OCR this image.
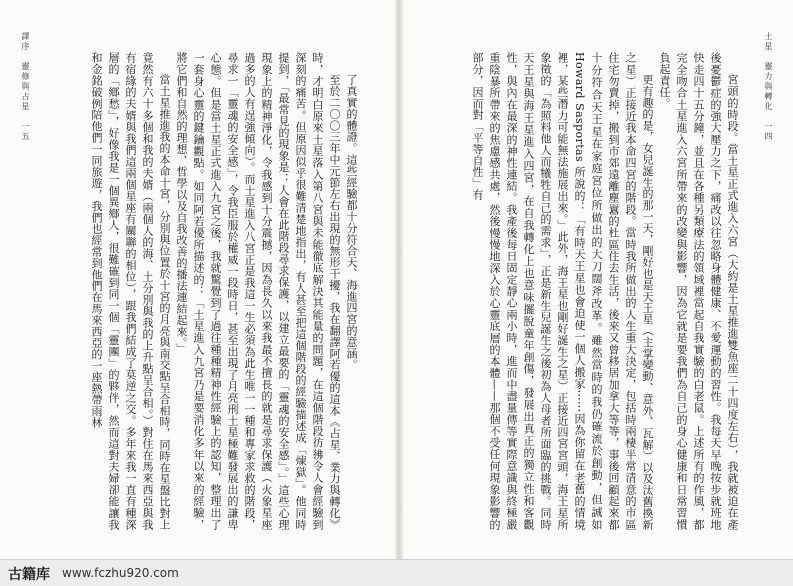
譯序　靈修與占星　一五	了真實的體證。這些經驗都十分符合天、海進四宮的意涵。

至於二〇〇三年中元節左右出現的無形干擾，我在翻譯阿若優的這本《占星、業力與轉化》時，才明白原來土星落入第八宮與未能徹底解決其能量的問題，在這個階段彷彿令人會經驗到深刻的痛苦。但原因似乎很難清楚地指出，有人甚至把這個階段的經驗描述成「煉獄」。他同時提到，「最常見的現象是：人會在此階段尋求保護，以建立最要的「靈魂的安全感」。」這些心理現象上的精神淨化，令我感到十分震撼，因為長久以來我最不擅長的就是尋求保護（火象星座過多的人有逞強傾向）。而土星進入八宮正是我這一生必須為此生唯一一種和專家求救的階段，尋求一「靈魂的安全感」，令我臣服於權威一段時日，甚至出現了月亮刑土星極難發展出的謙卑心態。但是當土星正式進入九宮之後，我就驚覺到了過往種種精神性經驗上的認知，整理出了一套身心靈的鍵鑰觀點。如同阿若優所描述的：「土星進入九宮乃是要消化多年以來的經驗，將它們和自然的理想、哲學以及自我改善的播法連結起來。」

當土星推進我的本命十宮，分別與位置於十宮的月亮與南交點呈合相時，同時在星盤比對上竟然有六十多個和我的夫婿（兩個人的海、土分別與我的上升點呈合相。）對住在馬來西亞與我有宿緣的夫婿與我們這兩個星座有關聯的相位），跟我們結成了莫逆之交。多年來我一直有種深層的「鄉愁」，好像我是一個異鄉人，很難確到同一個「靈團」的夥伴，然而這對夫婦卻能讓我和金銘破例陪他們一同旅遊，我們也經常到他們在馬來西亞的一座熱帶雨林	土星　靈力與轉化　一四

宮頭的時段。當土星正式進入六宮（大約是土星推進雙魚座二十四度左右），我就被迫在產後憂鬱症的強大壓力之下，痛改以往忽略身體健康、不愛運動的習性。我每天早晚按步就班地快走四十五分鐘，並且在各種另類療法的領域裡當起自我實驗的白老鼠。上述所有的作風，都完全吻合土星進入六宮所帶來的改變與影響，因為它就是要我們為自己的身心健康和日常習慣負起責任。

更有趣的是，女兒誕生的那一天，剛好也是天王星（主掌變動、意外、瓦解）以及汰舊換新之星）正接近我本命四宮的階段。當時我所做出的人生重大決定，包括時兩棲半常清意的市區住宅勿賣掉，搬到市郊遠離塵囂的杜區住去生活，後來又曾移居加拿大等等，事後回顧起來都十分符合天王星在家庭宮位所做出的大刀闊斧改革。雖然當時的我仍確流於創動，但誠如 Howard Sasportas 所說的：「有時天王星也會迫使一個人搬家⋯⋯因為你留在老舊的情境裡，某些潛力可能無法施展出來。」此外，海王星也剛好誕生之星）正接近四宮宮頭，海王星所象徵的「為照料他人而犧牲自己的需求」，正是新生兒誕生之後初為人母者所面臨的挑戰。同時天王星與海王星進入四宮，在自我轉化上也意味擺脫童年創傷，發展出真正的獨立性和客觀性，與內在最深的神性連結。我產後每日固定靜心兩小時，進而中盡量傳等實際意識與終極嚴重陰暴所帶來的焦慮感共處，然後慢慢地深入於心靈底層的本體——那個不受任何現象影響的部分，因而對「平等自性」有

古籍库 www.fczhu920.com
